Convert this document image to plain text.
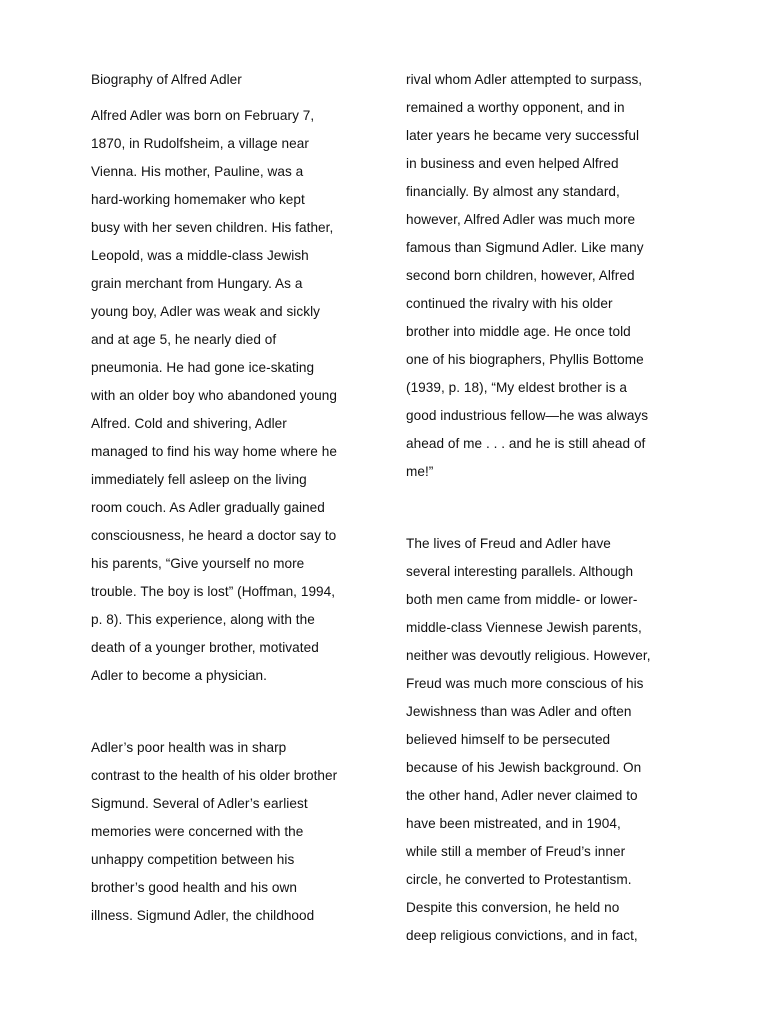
Biography of Alfred Adler
Alfred Adler was born on February 7,
1870, in Rudolfsheim, a village near
Vienna. His mother, Pauline, was a
hard-working homemaker who kept
busy with her seven children. His father,
Leopold, was a middle-class Jewish
grain merchant from Hungary. As a
young boy, Adler was weak and sickly
and at age 5, he nearly died of
pneumonia. He had gone ice-skating
with an older boy who abandoned young
Alfred. Cold and shivering, Adler
managed to find his way home where he
immediately fell asleep on the living
room couch. As Adler gradually gained
consciousness, he heard a doctor say to
his parents, “Give yourself no more
trouble. The boy is lost” (Hoffman, 1994,
p. 8). This experience, along with the
death of a younger brother, motivated
Adler to become a physician.
Adler’s poor health was in sharp
contrast to the health of his older brother
Sigmund. Several of Adler’s earliest
memories were concerned with the
unhappy competition between his
brother’s good health and his own
illness. Sigmund Adler, the childhood
rival whom Adler attempted to surpass,
remained a worthy opponent, and in
later years he became very successful
in business and even helped Alfred
financially. By almost any standard,
however, Alfred Adler was much more
famous than Sigmund Adler. Like many
second born children, however, Alfred
continued the rivalry with his older
brother into middle age. He once told
one of his biographers, Phyllis Bottome
(1939, p. 18), “My eldest brother is a
good industrious fellow—he was always
ahead of me . . . and he is still ahead of
me!”
The lives of Freud and Adler have
several interesting parallels. Although
both men came from middle- or lower-
middle-class Viennese Jewish parents,
neither was devoutly religious. However,
Freud was much more conscious of his
Jewishness than was Adler and often
believed himself to be persecuted
because of his Jewish background. On
the other hand, Adler never claimed to
have been mistreated, and in 1904,
while still a member of Freud’s inner
circle, he converted to Protestantism.
Despite this conversion, he held no
deep religious convictions, and in fact,
